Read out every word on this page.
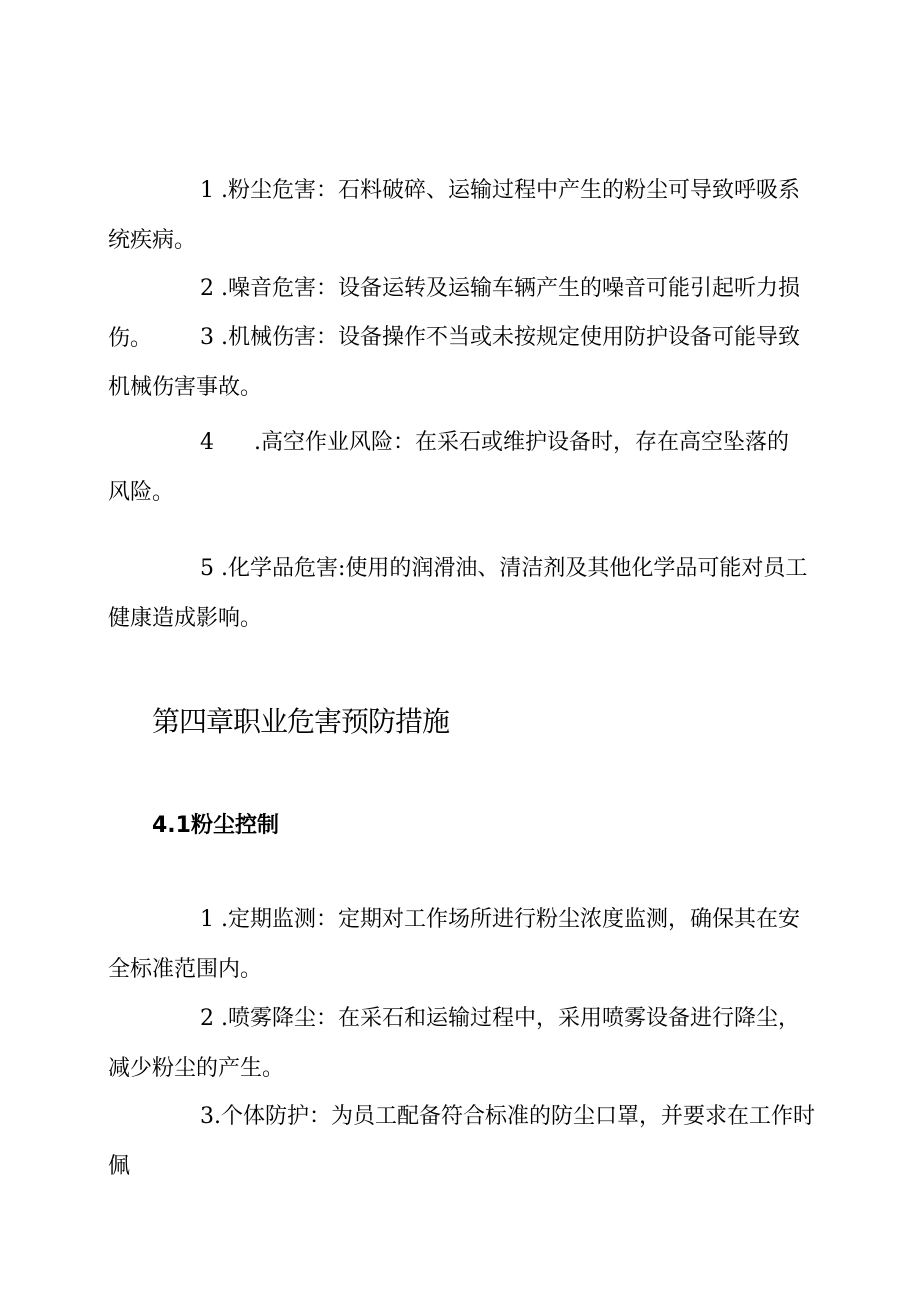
1 .粉尘危害：石料破碎、运输过程中产生的粉尘可导致呼吸系统疾病。

2 .噪音危害：设备运转及运输车辆产生的噪音可能引起听力损伤。	3 .机械伤害：设备操作不当或未按规定使用防护设备可能导致机械伤害事故。

4 .高空作业风险：在采石或维护设备时，存在高空坠落的风险。

5 .化学品危害:使用的润滑油、清洁剂及其他化学品可能对员工健康造成影响。

第四章职业危害预防措施
4.1粉尘控制

1 .定期监测：定期对工作场所进行粉尘浓度监测，确保其在安全标准范围内。

2 .喷雾降尘：在采石和运输过程中，采用喷雾设备进行降尘，减少粉尘的产生。

3.个体防护：为员工配备符合标准的防尘口罩，并要求在工作时佩
